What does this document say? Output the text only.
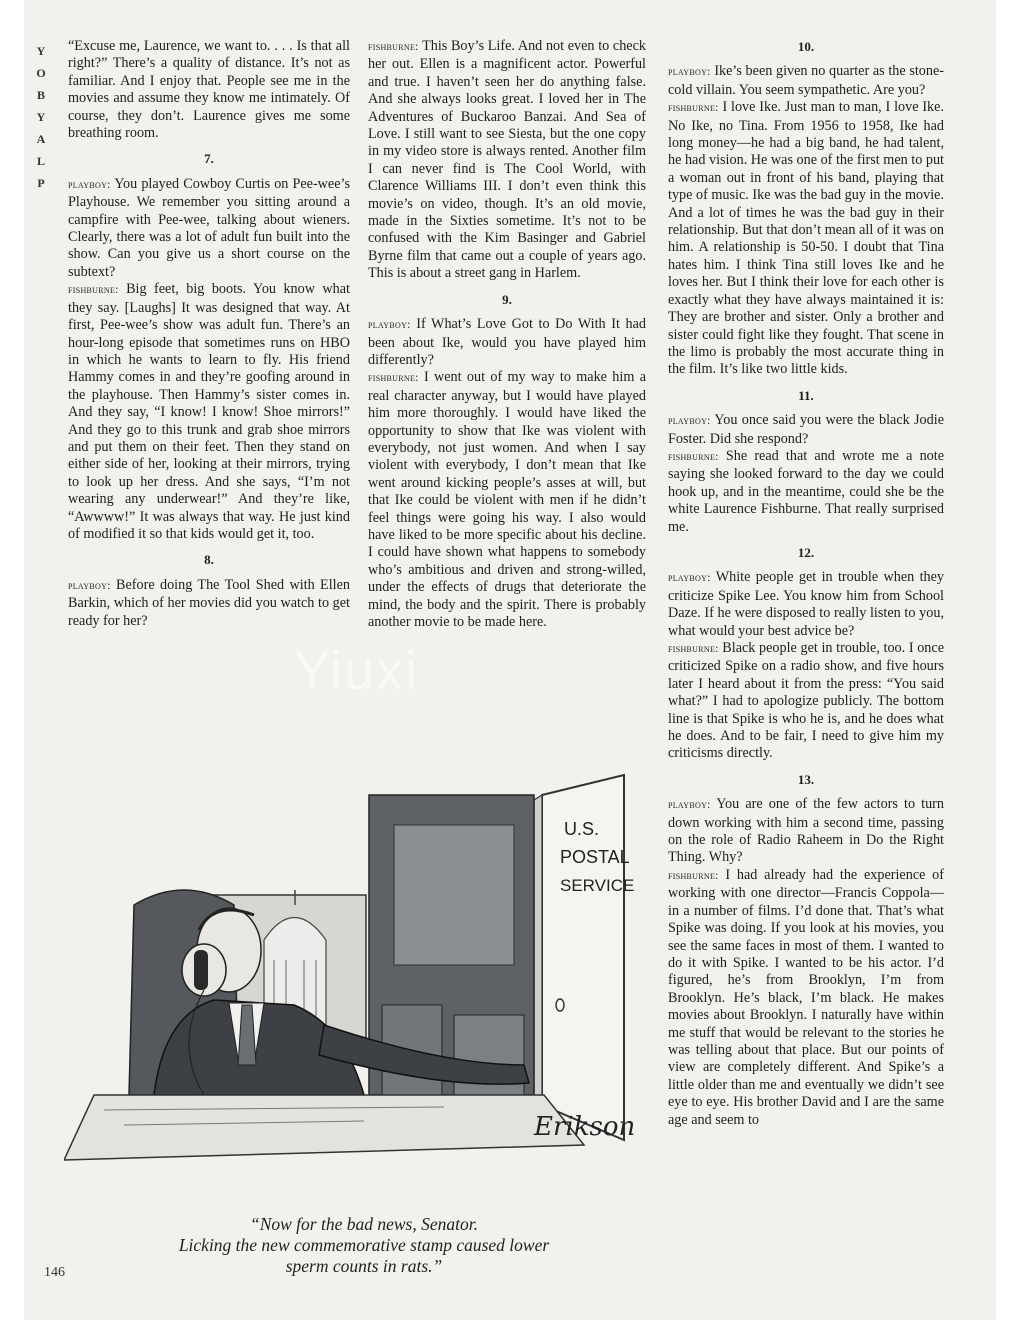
Y
O
B
Y
A
L
P

“Excuse me, Laurence, we want to. . . . Is that all right?” There’s a quality of distance. It’s not as familiar. And I enjoy that. People see me in the movies and assume they know me intimately. Of course, they don’t. Laurence gives me some breathing room.

7.

playboy: You played Cowboy Curtis on Pee-wee’s Playhouse. We remember you sitting around a campfire with Pee-wee, talking about wieners. Clearly, there was a lot of adult fun built into the show. Can you give us a short course on the subtext?

fishburne: Big feet, big boots. You know what they say. [Laughs] It was designed that way. At first, Pee-wee’s show was adult fun. There’s an hour-long episode that sometimes runs on HBO in which he wants to learn to fly. His friend Hammy comes in and they’re goofing around in the playhouse. Then Hammy’s sister comes in. And they say, “I know! I know! Shoe mirrors!” And they go to this trunk and grab shoe mirrors and put them on their feet. Then they stand on either side of her, looking at their mirrors, trying to look up her dress. And she says, “I’m not wearing any underwear!” And they’re like, “Awwww!” It was always that way. He just kind of modified it so that kids would get it, too.

8.

playboy: Before doing The Tool Shed with Ellen Barkin, which of her movies did you watch to get ready for her?

fishburne: This Boy’s Life. And not even to check her out. Ellen is a magnificent actor. Powerful and true. I haven’t seen her do anything false. And she always looks great. I loved her in The Adventures of Buckaroo Banzai. And Sea of Love. I still want to see Siesta, but the one copy in my video store is always rented. Another film I can never find is The Cool World, with Clarence Williams III. I don’t even think this movie’s on video, though. It’s an old movie, made in the Sixties sometime. It’s not to be confused with the Kim Basinger and Gabriel Byrne film that came out a couple of years ago. This is about a street gang in Harlem.

9.

playboy: If What’s Love Got to Do With It had been about Ike, would you have played him differently?

fishburne: I went out of my way to make him a real character anyway, but I would have played him more thoroughly. I would have liked the opportunity to show that Ike was violent with everybody, not just women. And when I say violent with everybody, I don’t mean that Ike went around kicking people’s asses at will, but that Ike could be violent with men if he didn’t feel things were going his way. I also would have liked to be more specific about his decline. I could have shown what happens to somebody who’s ambitious and driven and strong-willed, under the effects of drugs that deteriorate the mind, the body and the spirit. There is probably another movie to be made here.

10.

playboy: Ike’s been given no quarter as the stone-cold villain. You seem sympathetic. Are you?

fishburne: I love Ike. Just man to man, I love Ike. No Ike, no Tina. From 1956 to 1958, Ike had long money—he had a big band, he had talent, he had vision. He was one of the first men to put a woman out in front of his band, playing that type of music. Ike was the bad guy in the movie. And a lot of times he was the bad guy in their relationship. But that don’t mean all of it was on him. A relationship is 50-50. I doubt that Tina hates him. I think Tina still loves Ike and he loves her. But I think their love for each other is exactly what they have always maintained it is: They are brother and sister. Only a brother and sister could fight like they fought. That scene in the limo is probably the most accurate thing in the film. It’s like two little kids.

11.

playboy: You once said you were the black Jodie Foster. Did she respond?

fishburne: She read that and wrote me a note saying she looked forward to the day we could hook up, and in the meantime, could she be the white Laurence Fishburne. That really surprised me.

12.

playboy: White people get in trouble when they criticize Spike Lee. You know him from School Daze. If he were disposed to really listen to you, what would your best advice be?

fishburne: Black people get in trouble, too. I once criticized Spike on a radio show, and five hours later I heard about it from the press: “You said what?” I had to apologize publicly. The bottom line is that Spike is who he is, and he does what he does. And to be fair, I need to give him my criticisms directly.

13.

playboy: You are one of the few actors to turn down working with him a second time, passing on the role of Radio Raheem in Do the Right Thing. Why?

fishburne: I had already had the experience of working with one director—Francis Coppola—in a number of films. I’d done that. That’s what Spike was doing. If you look at his movies, you see the same faces in most of them. I wanted to do it with Spike. I wanted to be his actor. I’d figured, he’s from Brooklyn, I’m from Brooklyn. He’s black, I’m black. He makes movies about Brooklyn. I naturally have within me stuff that would be relevant to the stories he was telling about that place. But our points of view are completely different. And Spike’s a little older than me and eventually we didn’t see eye to eye. His brother David and I are the same age and seem to

U.S.
POSTAL
SERVICE
Erikson
“Now for the bad news, Senator.
Licking the new commemorative stamp caused lower
sperm counts in rats.”
146
Yiuxi
